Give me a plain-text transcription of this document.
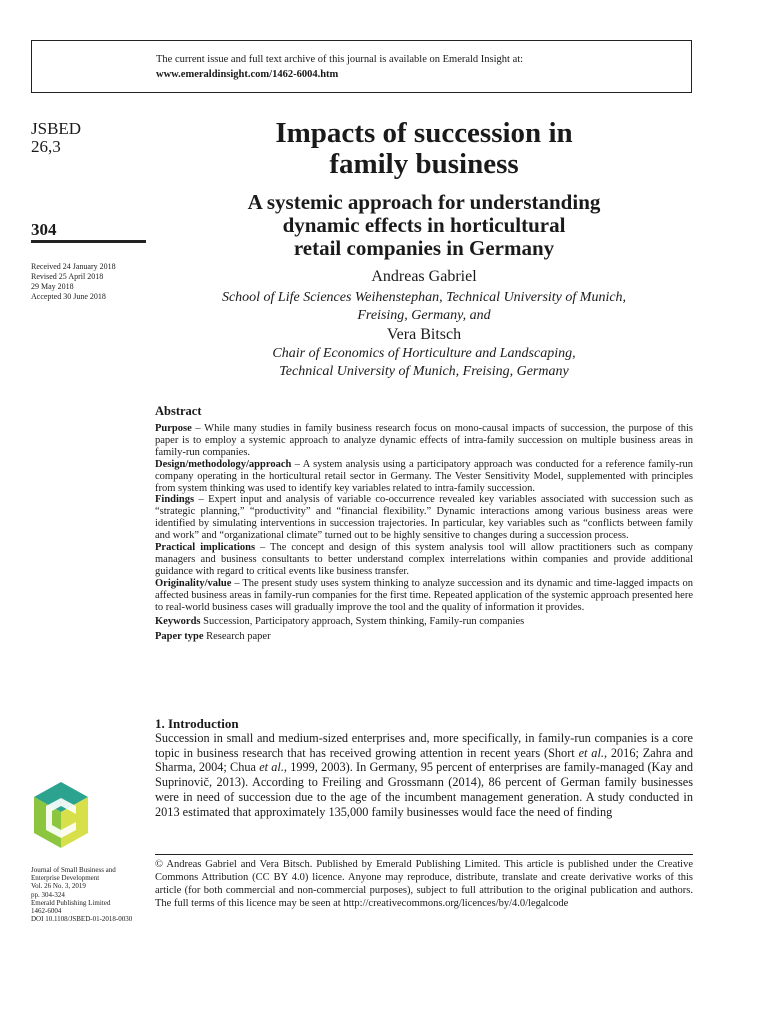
The current issue and full text archive of this journal is available on Emerald Insight at:
www.emeraldinsight.com/1462-6004.htm
JSBED
26,3
304
Received 24 January 2018
Revised 25 April 2018
29 May 2018
Accepted 30 June 2018
Impacts of succession in
family business
A systemic approach for understanding
dynamic effects in horticultural
retail companies in Germany
Andreas Gabriel
School of Life Sciences Weihenstephan, Technical University of Munich,
Freising, Germany, and
Vera Bitsch
Chair of Economics of Horticulture and Landscaping,
Technical University of Munich, Freising, Germany
Abstract

Purpose – While many studies in family business research focus on mono-causal impacts of succession, the purpose of this paper is to employ a systemic approach to analyze dynamic effects of intra-family succession on multiple business areas in family-run companies.

Design/methodology/approach – A system analysis using a participatory approach was conducted for a reference family-run company operating in the horticultural retail sector in Germany. The Vester Sensitivity Model, supplemented with principles from system thinking was used to identify key variables related to intra-family succession.

Findings – Expert input and analysis of variable co-occurrence revealed key variables associated with succession such as “strategic planning,” “productivity” and “financial flexibility.” Dynamic interactions among various business areas were identified by simulating interventions in succession trajectories. In particular, key variables such as “conflicts between family and work” and “organizational climate” turned out to be highly sensitive to changes during a succession process.

Practical implications – The concept and design of this system analysis tool will allow practitioners such as company managers and business consultants to better understand complex interrelations within companies and provide additional guidance with regard to critical events like business transfer.

Originality/value – The present study uses system thinking to analyze succession and its dynamic and time-lagged impacts on affected business areas in family-run companies for the first time. Repeated application of the systemic approach presented here to real-world business cases will gradually improve the tool and the quality of information it provides.

Keywords Succession, Participatory approach, System thinking, Family-run companies

Paper type Research paper

1. Introduction
Succession in small and medium-sized enterprises and, more specifically, in family-run companies is a core topic in business research that has received growing attention in recent years (Short et al., 2016; Zahra and Sharma, 2004; Chua et al., 1999, 2003). In Germany, 95 percent of enterprises are family-managed (Kay and Suprinovič, 2013). According to Freiling and Grossmann (2014), 86 percent of German family businesses were in need of succession due to the age of the incumbent management generation. A study conducted in 2013 estimated that approximately 135,000 family businesses would face the need of finding
© Andreas Gabriel and Vera Bitsch. Published by Emerald Publishing Limited. This article is published under the Creative Commons Attribution (CC BY 4.0) licence. Anyone may reproduce, distribute, translate and create derivative works of this article (for both commercial and non-commercial purposes), subject to full attribution to the original publication and authors. The full terms of this licence may be seen at http://creativecommons.org/licences/by/4.0/legalcode
Journal of Small Business and
Enterprise Development
Vol. 26 No. 3, 2019
pp. 304-324
Emerald Publishing Limited
1462-6004
DOI 10.1108/JSBED-01-2018-0030
